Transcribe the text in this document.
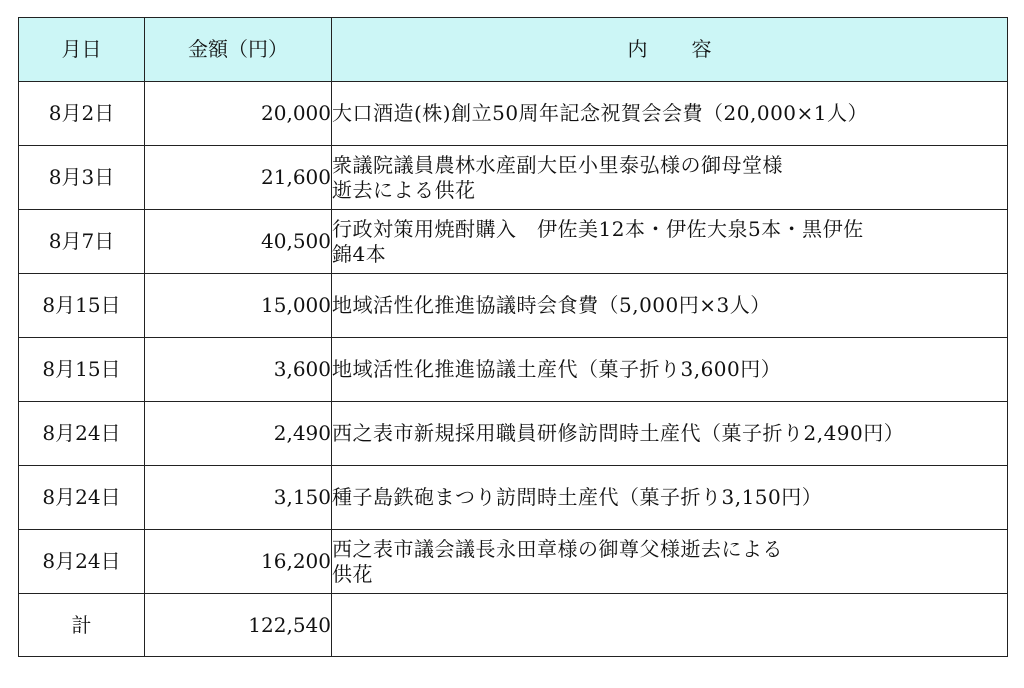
月日	金額（円）	内容
8月2日	20,000	大口酒造(株)創立50周年記念祝賀会会費（20,000×1人）
8月3日	21,600	衆議院議員農林水産副大臣小里泰弘様の御母堂様
逝去による供花
8月7日	40,500	行政対策用焼酎購入　伊佐美12本・伊佐大泉5本・黒伊佐
錦4本
8月15日	15,000	地域活性化推進協議時会食費（5,000円×3人）
8月15日	3,600	地域活性化推進協議土産代（菓子折り3,600円）
8月24日	2,490	西之表市新規採用職員研修訪問時土産代（菓子折り2,490円）
8月24日	3,150	種子島鉄砲まつり訪問時土産代（菓子折り3,150円）
8月24日	16,200	西之表市議会議長永田章様の御尊父様逝去による
供花
計	122,540	
